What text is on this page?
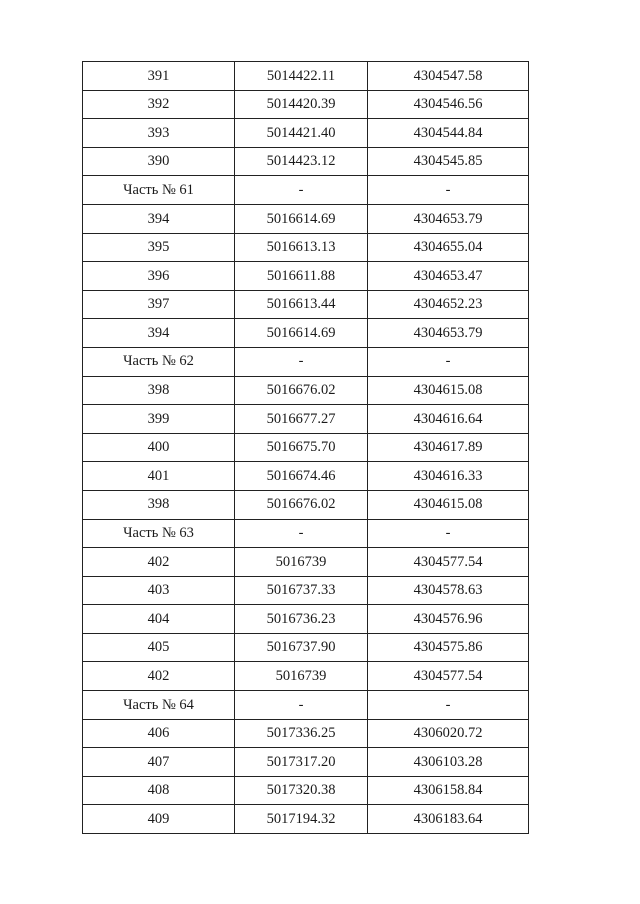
391	5014422.11	4304547.58
392	5014420.39	4304546.56
393	5014421.40	4304544.84
390	5014423.12	4304545.85
Часть № 61	-	-
394	5016614.69	4304653.79
395	5016613.13	4304655.04
396	5016611.88	4304653.47
397	5016613.44	4304652.23
394	5016614.69	4304653.79
Часть № 62	-	-
398	5016676.02	4304615.08
399	5016677.27	4304616.64
400	5016675.70	4304617.89
401	5016674.46	4304616.33
398	5016676.02	4304615.08
Часть № 63	-	-
402	5016739	4304577.54
403	5016737.33	4304578.63
404	5016736.23	4304576.96
405	5016737.90	4304575.86
402	5016739	4304577.54
Часть № 64	-	-
406	5017336.25	4306020.72
407	5017317.20	4306103.28
408	5017320.38	4306158.84
409	5017194.32	4306183.64
